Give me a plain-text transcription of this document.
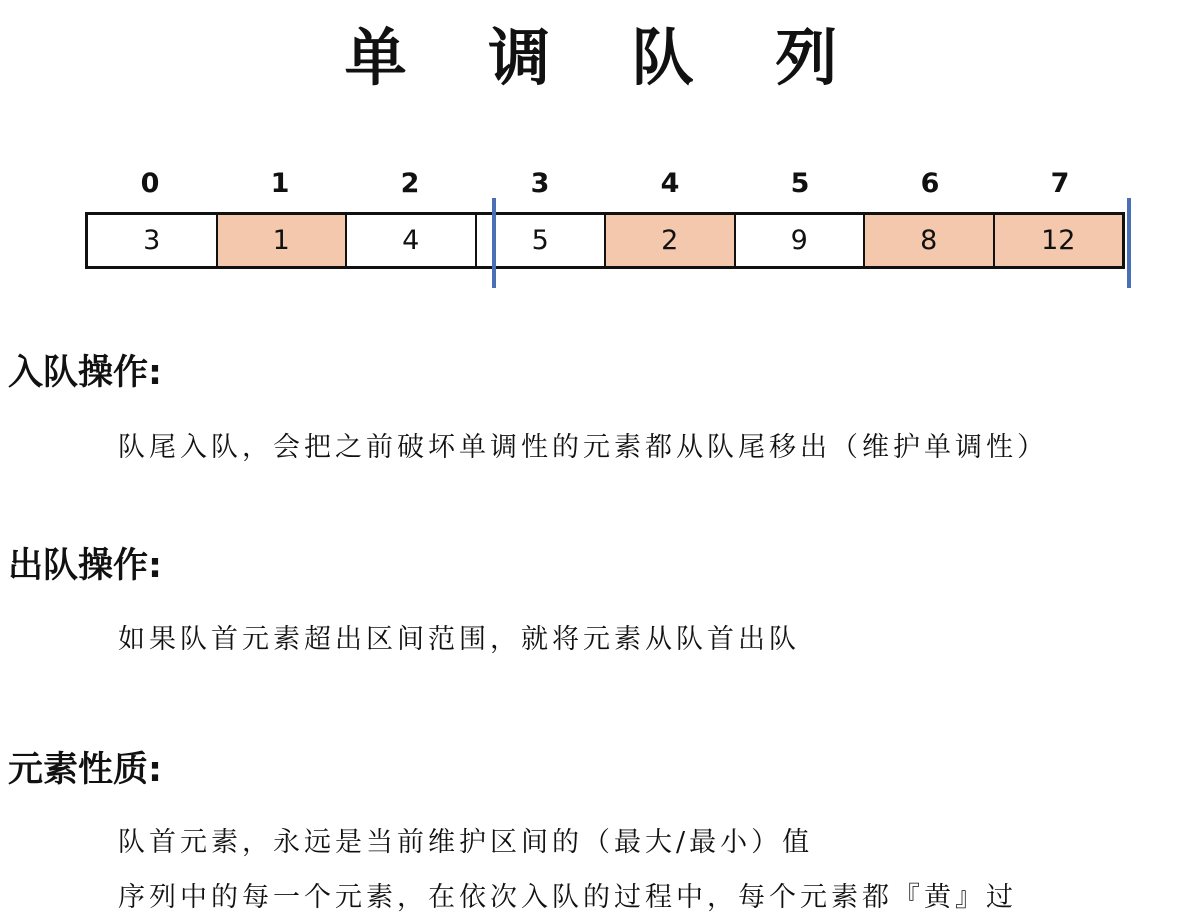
单 调 队 列
0	1	2	3	4	5	6	7
3	1	4	5	2	9	8	12
入队操作:
队尾入队，会把之前破坏单调性的元素都从队尾移出（维护单调性）
出队操作:
如果队首元素超出区间范围，就将元素从队首出队
元素性质:
队首元素，永远是当前维护区间的（最大/最小）值
序列中的每一个元素，在依次入队的过程中，每个元素都『黄』过
